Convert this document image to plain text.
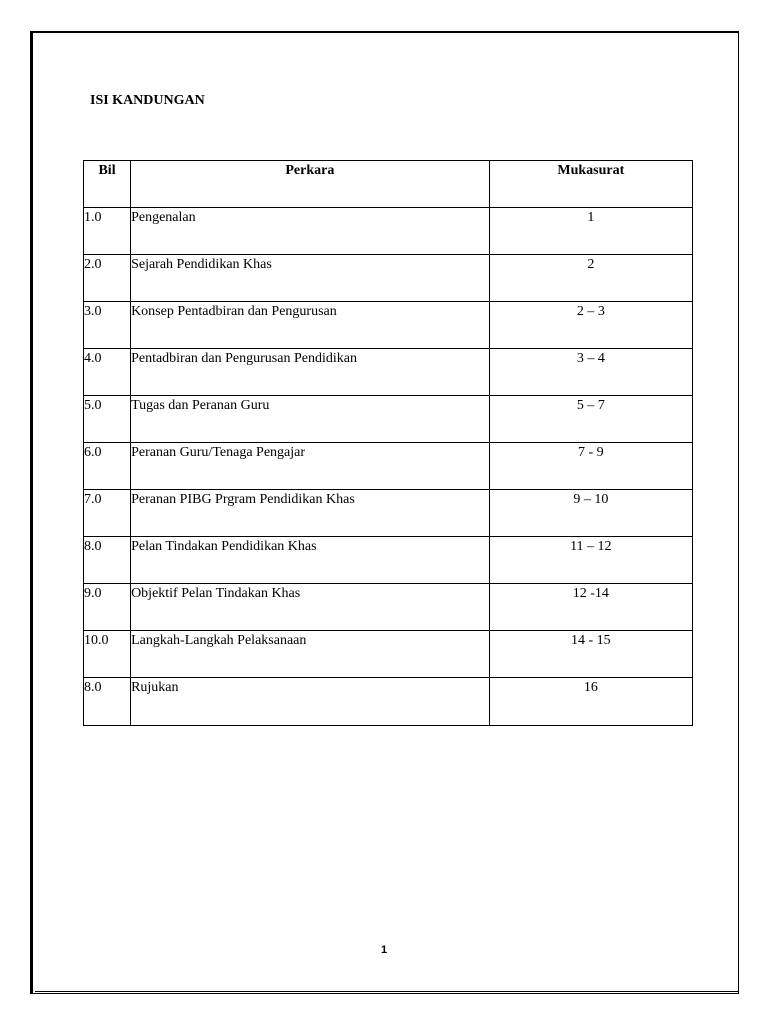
ISI KANDUNGAN
Bil	Perkara	Mukasurat
1.0	Pengenalan	1
2.0	Sejarah Pendidikan Khas	2
3.0	Konsep Pentadbiran dan Pengurusan	2 – 3
4.0	Pentadbiran dan Pengurusan Pendidikan	3 – 4
5.0	Tugas dan Peranan Guru	5 – 7
6.0	Peranan Guru/Tenaga Pengajar	7 - 9
7.0	Peranan PIBG Prgram Pendidikan Khas	9 – 10
8.0	Pelan Tindakan Pendidikan Khas	11 – 12
9.0	Objektif Pelan Tindakan Khas	12 -14
10.0	Langkah-Langkah Pelaksanaan	14 - 15
8.0	Rujukan	16
1
